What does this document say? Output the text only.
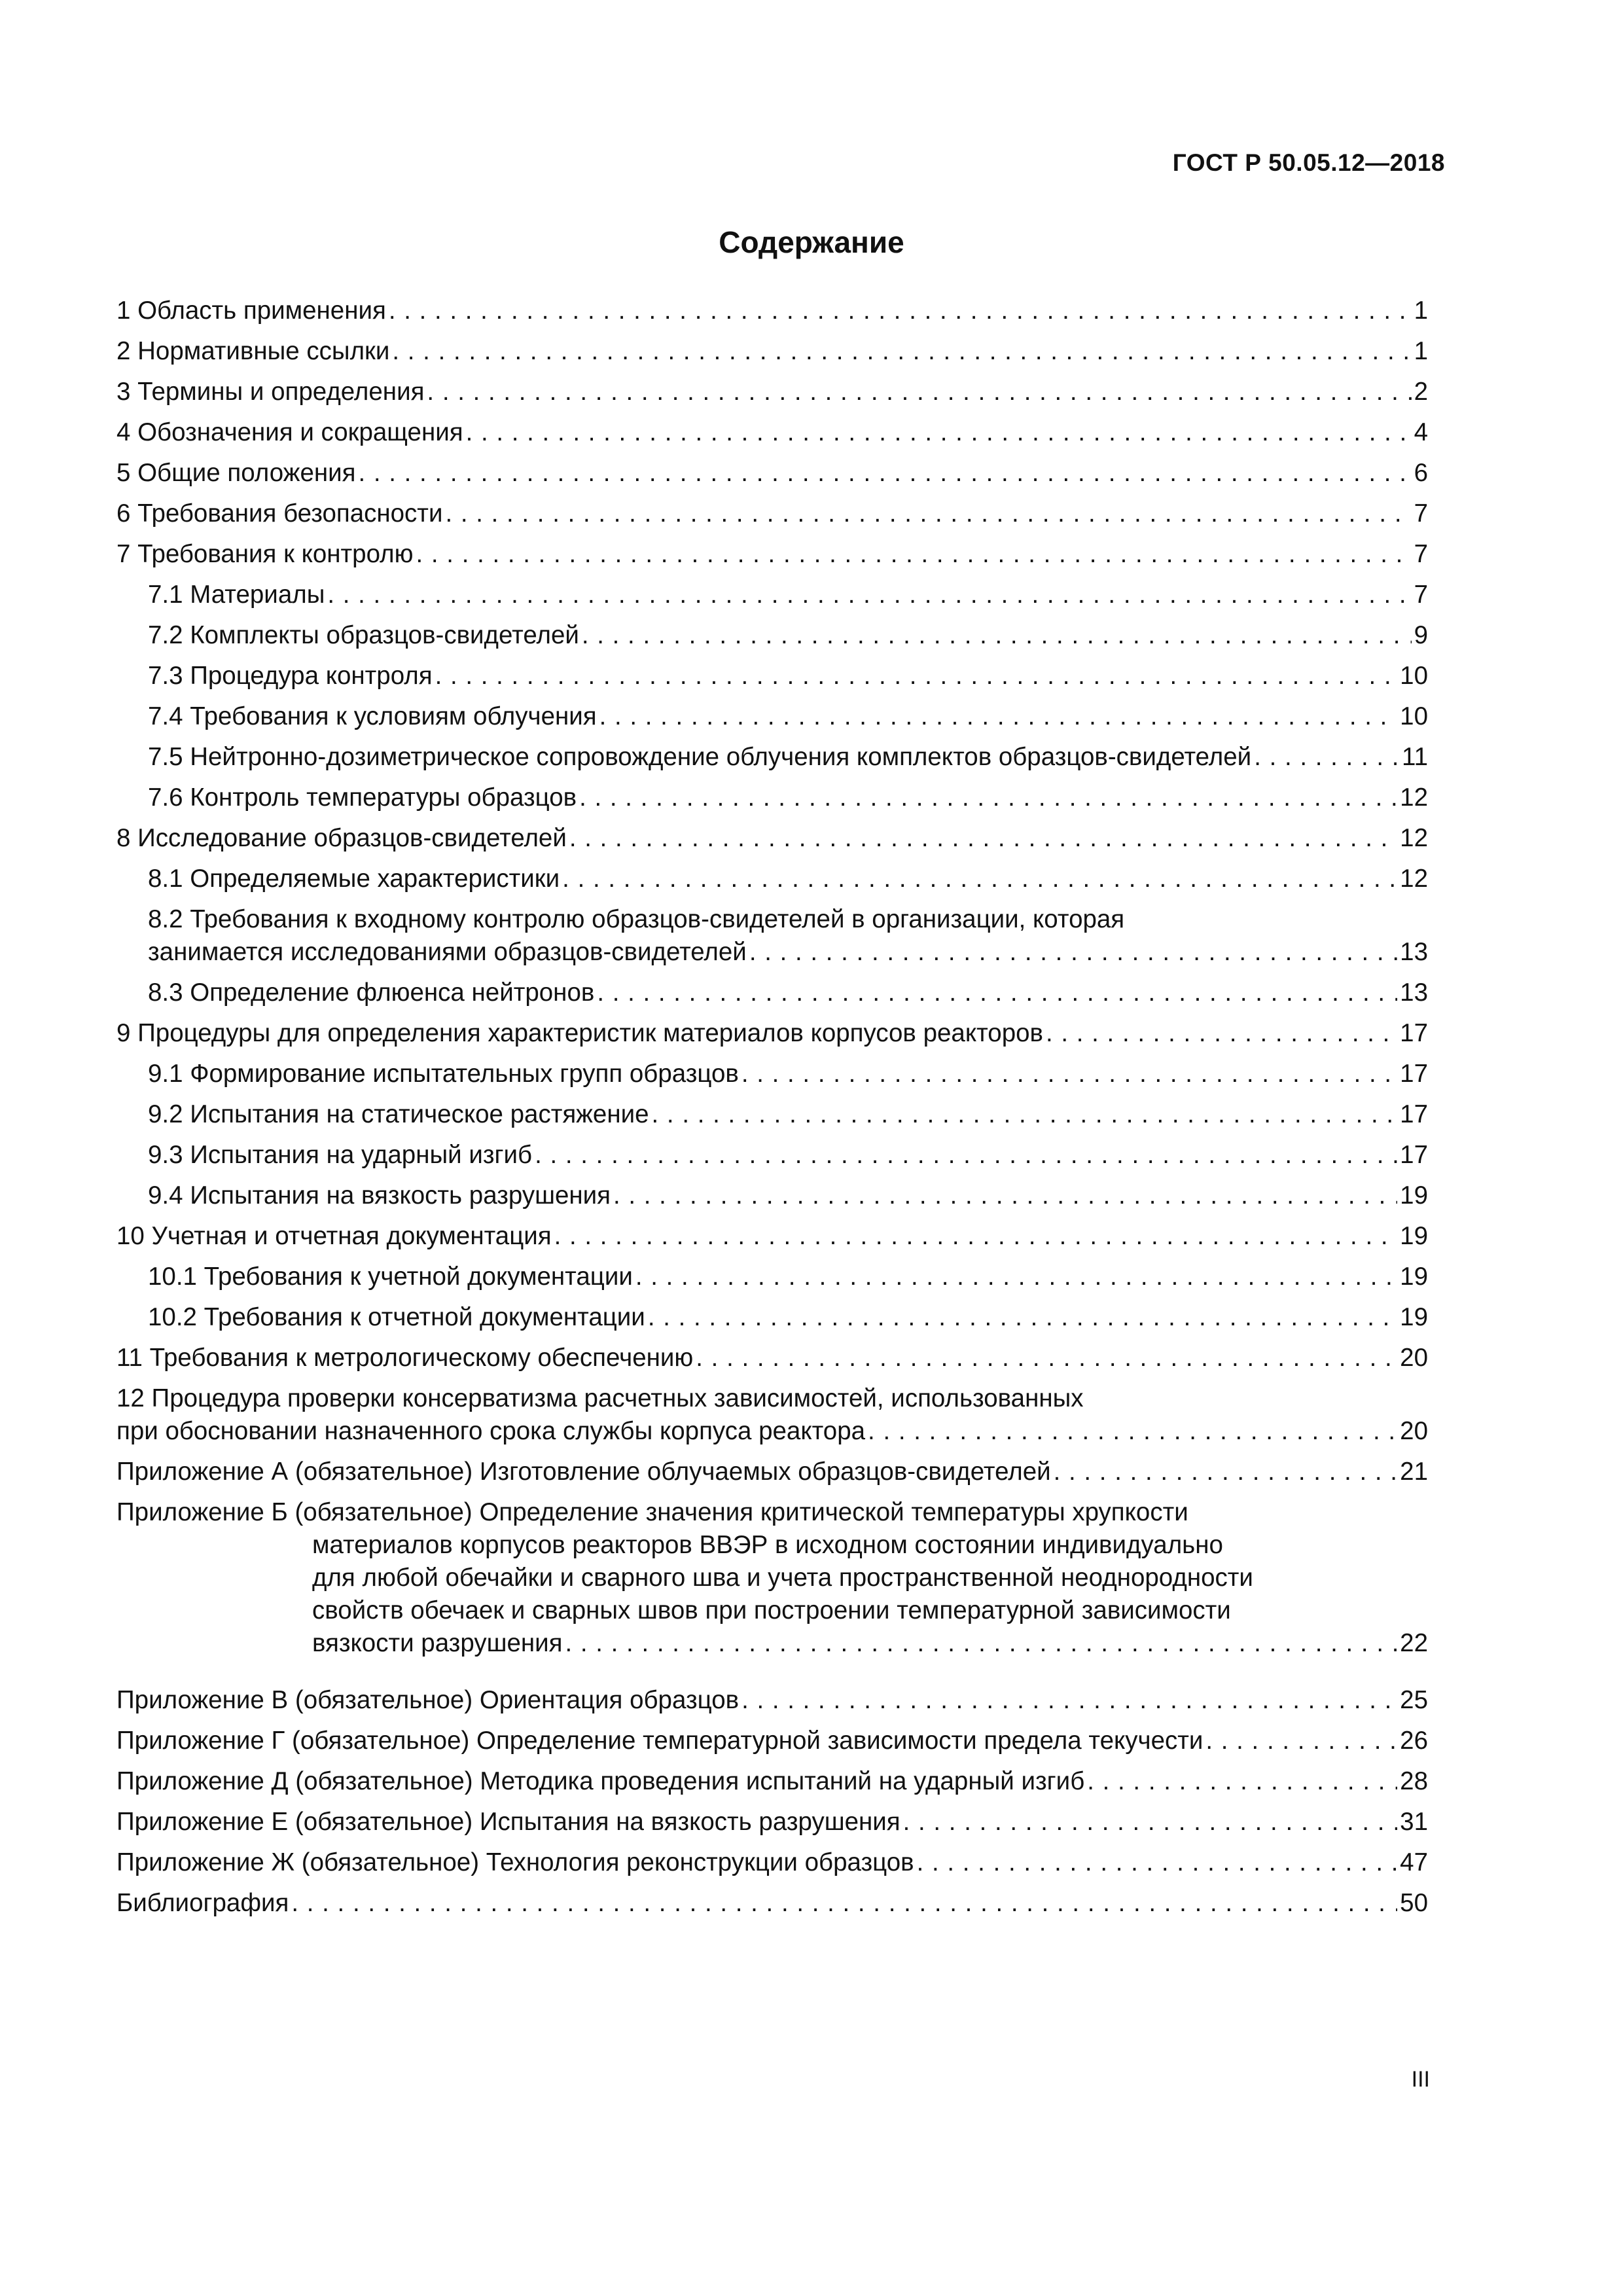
ГОСТ Р 50.05.12—2018
Содержание
1 Область применения . . .	1
2 Нормативные ссылки . . .	1
3 Термины и определения . . .	2
4 Обозначения и сокращения . . .	4
5 Общие положения . . .	6
6 Требования безопасности . . .	7
7 Требования к контролю . . .	7
7.1 Материалы . . .	7
7.2 Комплекты образцов-свидетелей . . .	9
7.3 Процедура контроля . . .	10
7.4 Требования к условиям облучения . . .	10
7.5 Нейтронно-дозиметрическое сопровождение облучения комплектов образцов-свидетелей . . .	11
7.6 Контроль температуры образцов . . .	12
8 Исследование образцов-свидетелей . . .	12
8.1 Определяемые характеристики . . .	12
8.2 Требования к входному контролю образцов-свидетелей в организации, которая
занимается исследованиями образцов-свидетелей . . .	13
8.3 Определение флюенса нейтронов . . .	13
9 Процедуры для определения характеристик материалов корпусов реакторов . . .	17
9.1 Формирование испытательных групп образцов . . .	17
9.2 Испытания на статическое растяжение . . .	17
9.3 Испытания на ударный изгиб . . .	17
9.4 Испытания на вязкость разрушения . . .	19
10 Учетная и отчетная документация . . .	19
10.1 Требования к учетной документации . . .	19
10.2 Требования к отчетной документации . . .	19
11 Требования к метрологическому обеспечению . . .	20
12 Процедура проверки консерватизма расчетных зависимостей, использованных
при обосновании назначенного срока службы корпуса реактора . . .	20
Приложение А (обязательное) Изготовление облучаемых образцов-свидетелей . . .	21
Приложение Б (обязательное)
Определение значения критической температуры хрупкости
материалов корпусов реакторов ВВЭР в исходном состоянии индивидуально
для любой обечайки и сварного шва и учета пространственной неоднородности
свойств обечаек и сварных швов при построении температурной зависимости
вязкости разрушения . . .	22
Приложение В (обязательное) Ориентация образцов . . .	25
Приложение Г (обязательное) Определение температурной зависимости предела текучести . . .	26
Приложение Д (обязательное) Методика проведения испытаний на ударный изгиб . . .	28
Приложение Е (обязательное) Испытания на вязкость разрушения . . .	31
Приложение Ж (обязательное) Технология реконструкции образцов . . .	47
Библиография . . .	50
III
